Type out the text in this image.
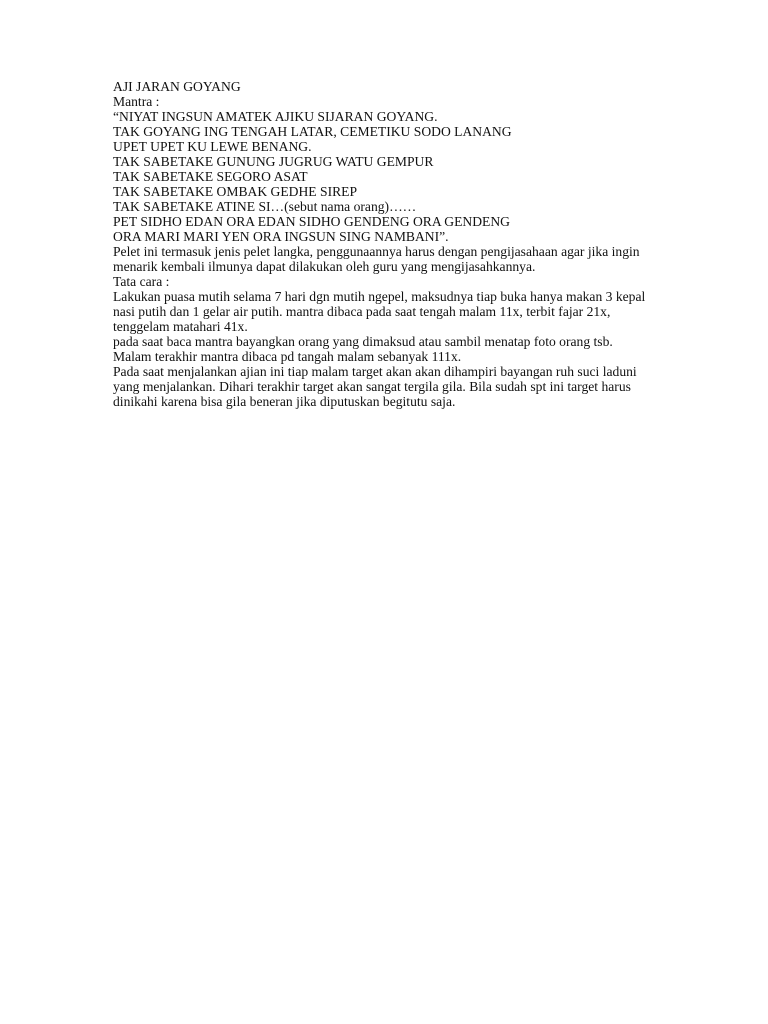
AJI JARAN GOYANG
Mantra :
“NIYAT INGSUN AMATEK AJIKU SIJARAN GOYANG.
TAK GOYANG ING TENGAH LATAR, CEMETIKU SODO LANANG
UPET UPET KU LEWE BENANG.
TAK SABETAKE GUNUNG JUGRUG WATU GEMPUR
TAK SABETAKE SEGORO ASAT
TAK SABETAKE OMBAK GEDHE SIREP
TAK SABETAKE ATINE SI…(sebut nama orang)……
PET SIDHO EDAN ORA EDAN SIDHO GENDENG ORA GENDENG
ORA MARI MARI YEN ORA INGSUN SING NAMBANI”.
Pelet ini termasuk jenis pelet langka, penggunaannya harus dengan pengijasahaan agar jika ingin menarik kembali ilmunya dapat dilakukan oleh guru yang mengijasahkannya.
Tata cara :
Lakukan puasa mutih selama 7 hari dgn mutih ngepel, maksudnya tiap buka hanya makan 3 kepal nasi putih dan 1 gelar air putih. mantra dibaca pada saat tengah malam 11x, terbit fajar 21x, tenggelam matahari 41x.
pada saat baca mantra bayangkan orang yang dimaksud atau sambil menatap foto orang tsb.
Malam terakhir mantra dibaca pd tangah malam sebanyak 111x.
Pada saat menjalankan ajian ini tiap malam target akan akan dihampiri bayangan ruh suci laduni yang menjalankan. Dihari terakhir target akan sangat tergila gila. Bila sudah spt ini target harus dinikahi karena bisa gila beneran jika diputuskan begitutu saja.
